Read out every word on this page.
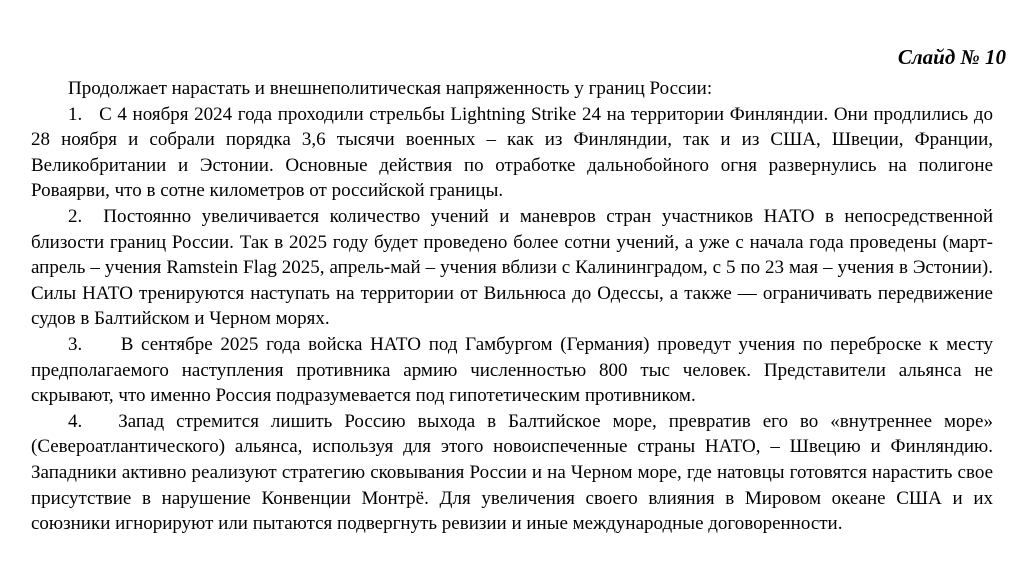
Слайд № 10

Продолжает нарастать и внешнеполитическая напряженность у границ России:

1.   С 4 ноября 2024 года проходили стрельбы Lightning Strike 24 на территории Финляндии. Они продлились до 28 ноября и собрали порядка 3,6 тысячи военных – как из Финляндии, так и из США, Швеции, Франции, Великобритании и Эстонии. Основные действия по отработке дальнобойного огня развернулись на полигоне Роваярви, что в сотне километров от российской границы.

2.  Постоянно увеличивается количество учений и маневров стран участников НАТО в непосредственной близости границ России. Так в 2025 году будет проведено более сотни учений, а уже с начала года проведены (март-апрель – учения Ramstein Flag 2025, апрель-май – учения вблизи с Калининградом, с 5 по 23 мая – учения в Эстонии). Силы НАТО тренируются наступать на территории от Вильнюса до Одессы, а также — ограничивать передвижение судов в Балтийском и Черном морях.

3.     В сентябре 2025 года войска НАТО под Гамбургом (Германия) проведут учения по переброске к месту предполагаемого наступления противника армию численностью 800 тыс человек. Представители альянса не скрывают, что именно Россия подразумевается под гипотетическим противником.

4.   Запад стремится лишить Россию выхода в Балтийское море, превратив его во «внутреннее море» (Североатлантического) альянса, используя для этого новоиспеченные страны НАТО, – Швецию и Финляндию. Западники активно реализуют стратегию сковывания России и на Черном море, где натовцы готовятся нарастить свое присутствие в нарушение Конвенции Монтрё. Для увеличения своего влияния в Мировом океане США и их союзники игнорируют или пытаются подвергнуть ревизии и иные международные договоренности.
